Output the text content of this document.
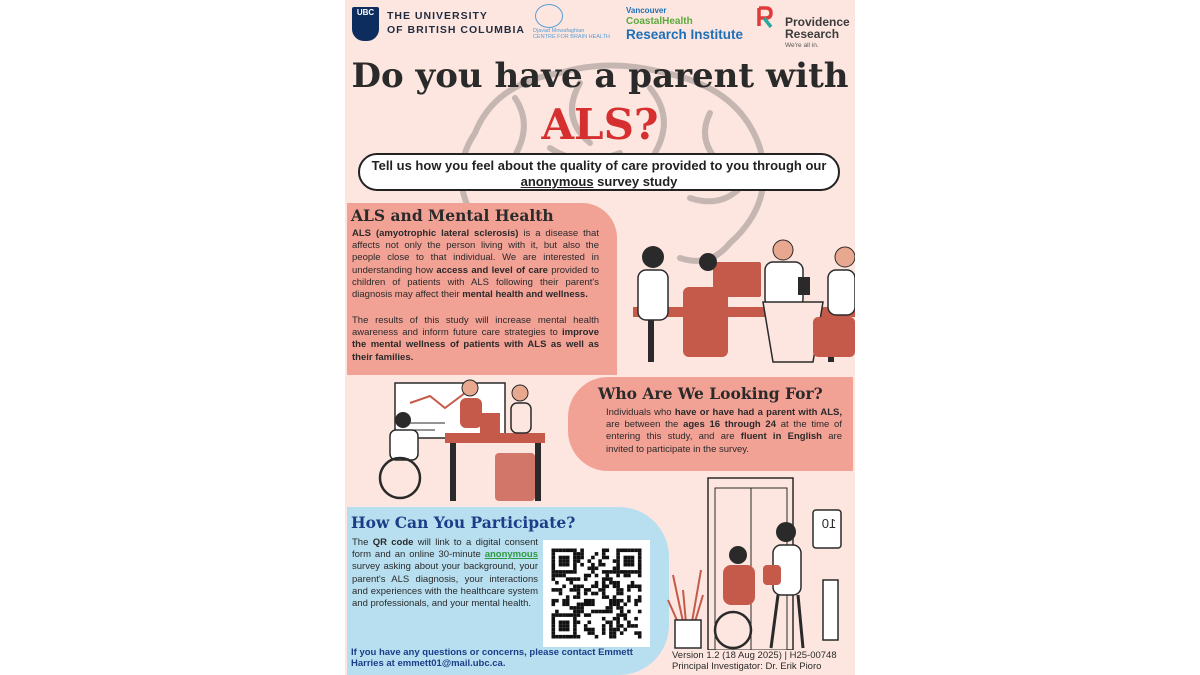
UBC	THE UNIVERSITY
OF BRITISH COLUMBIA Djavad Mowafaghian
CENTRE FOR BRAIN HEALTH
Vancouver
CoastalHealth
Research Institute
Providence
Research
We're all in.
Do you have a parent with
ALS?
Tell us how you feel about the quality of care provided to you through our anonymous survey study
ALS and Mental Health
ALS (amyotrophic lateral sclerosis) is a disease that affects not only the person living with it, but also the people close to that individual. We are interested in understanding how access and level of care provided to children of patients with ALS following their parent's diagnosis may affect their mental health and wellness.
The results of this study will increase mental health awareness and inform future care strategies to improve the mental wellness of patients with ALS as well as their families.
Who Are We Looking For?
Individuals who have or have had a parent with ALS, are between the ages 16 through 24 at the time of entering this study, and are fluent in English are invited to participate in the survey.
How Can You Participate?
The QR code will link to a digital consent form and an online 30-minute anonymous survey asking about your background, your parent's ALS diagnosis, your interactions and experiences with the healthcare system and professionals, and your mental health.
If you have any questions or concerns, please contact Emmett Harries at emmett01@mail.ubc.ca.
10
Version 1.2 (18 Aug 2025) | H25-00748
Principal Investigator: Dr. Erik Pioro
